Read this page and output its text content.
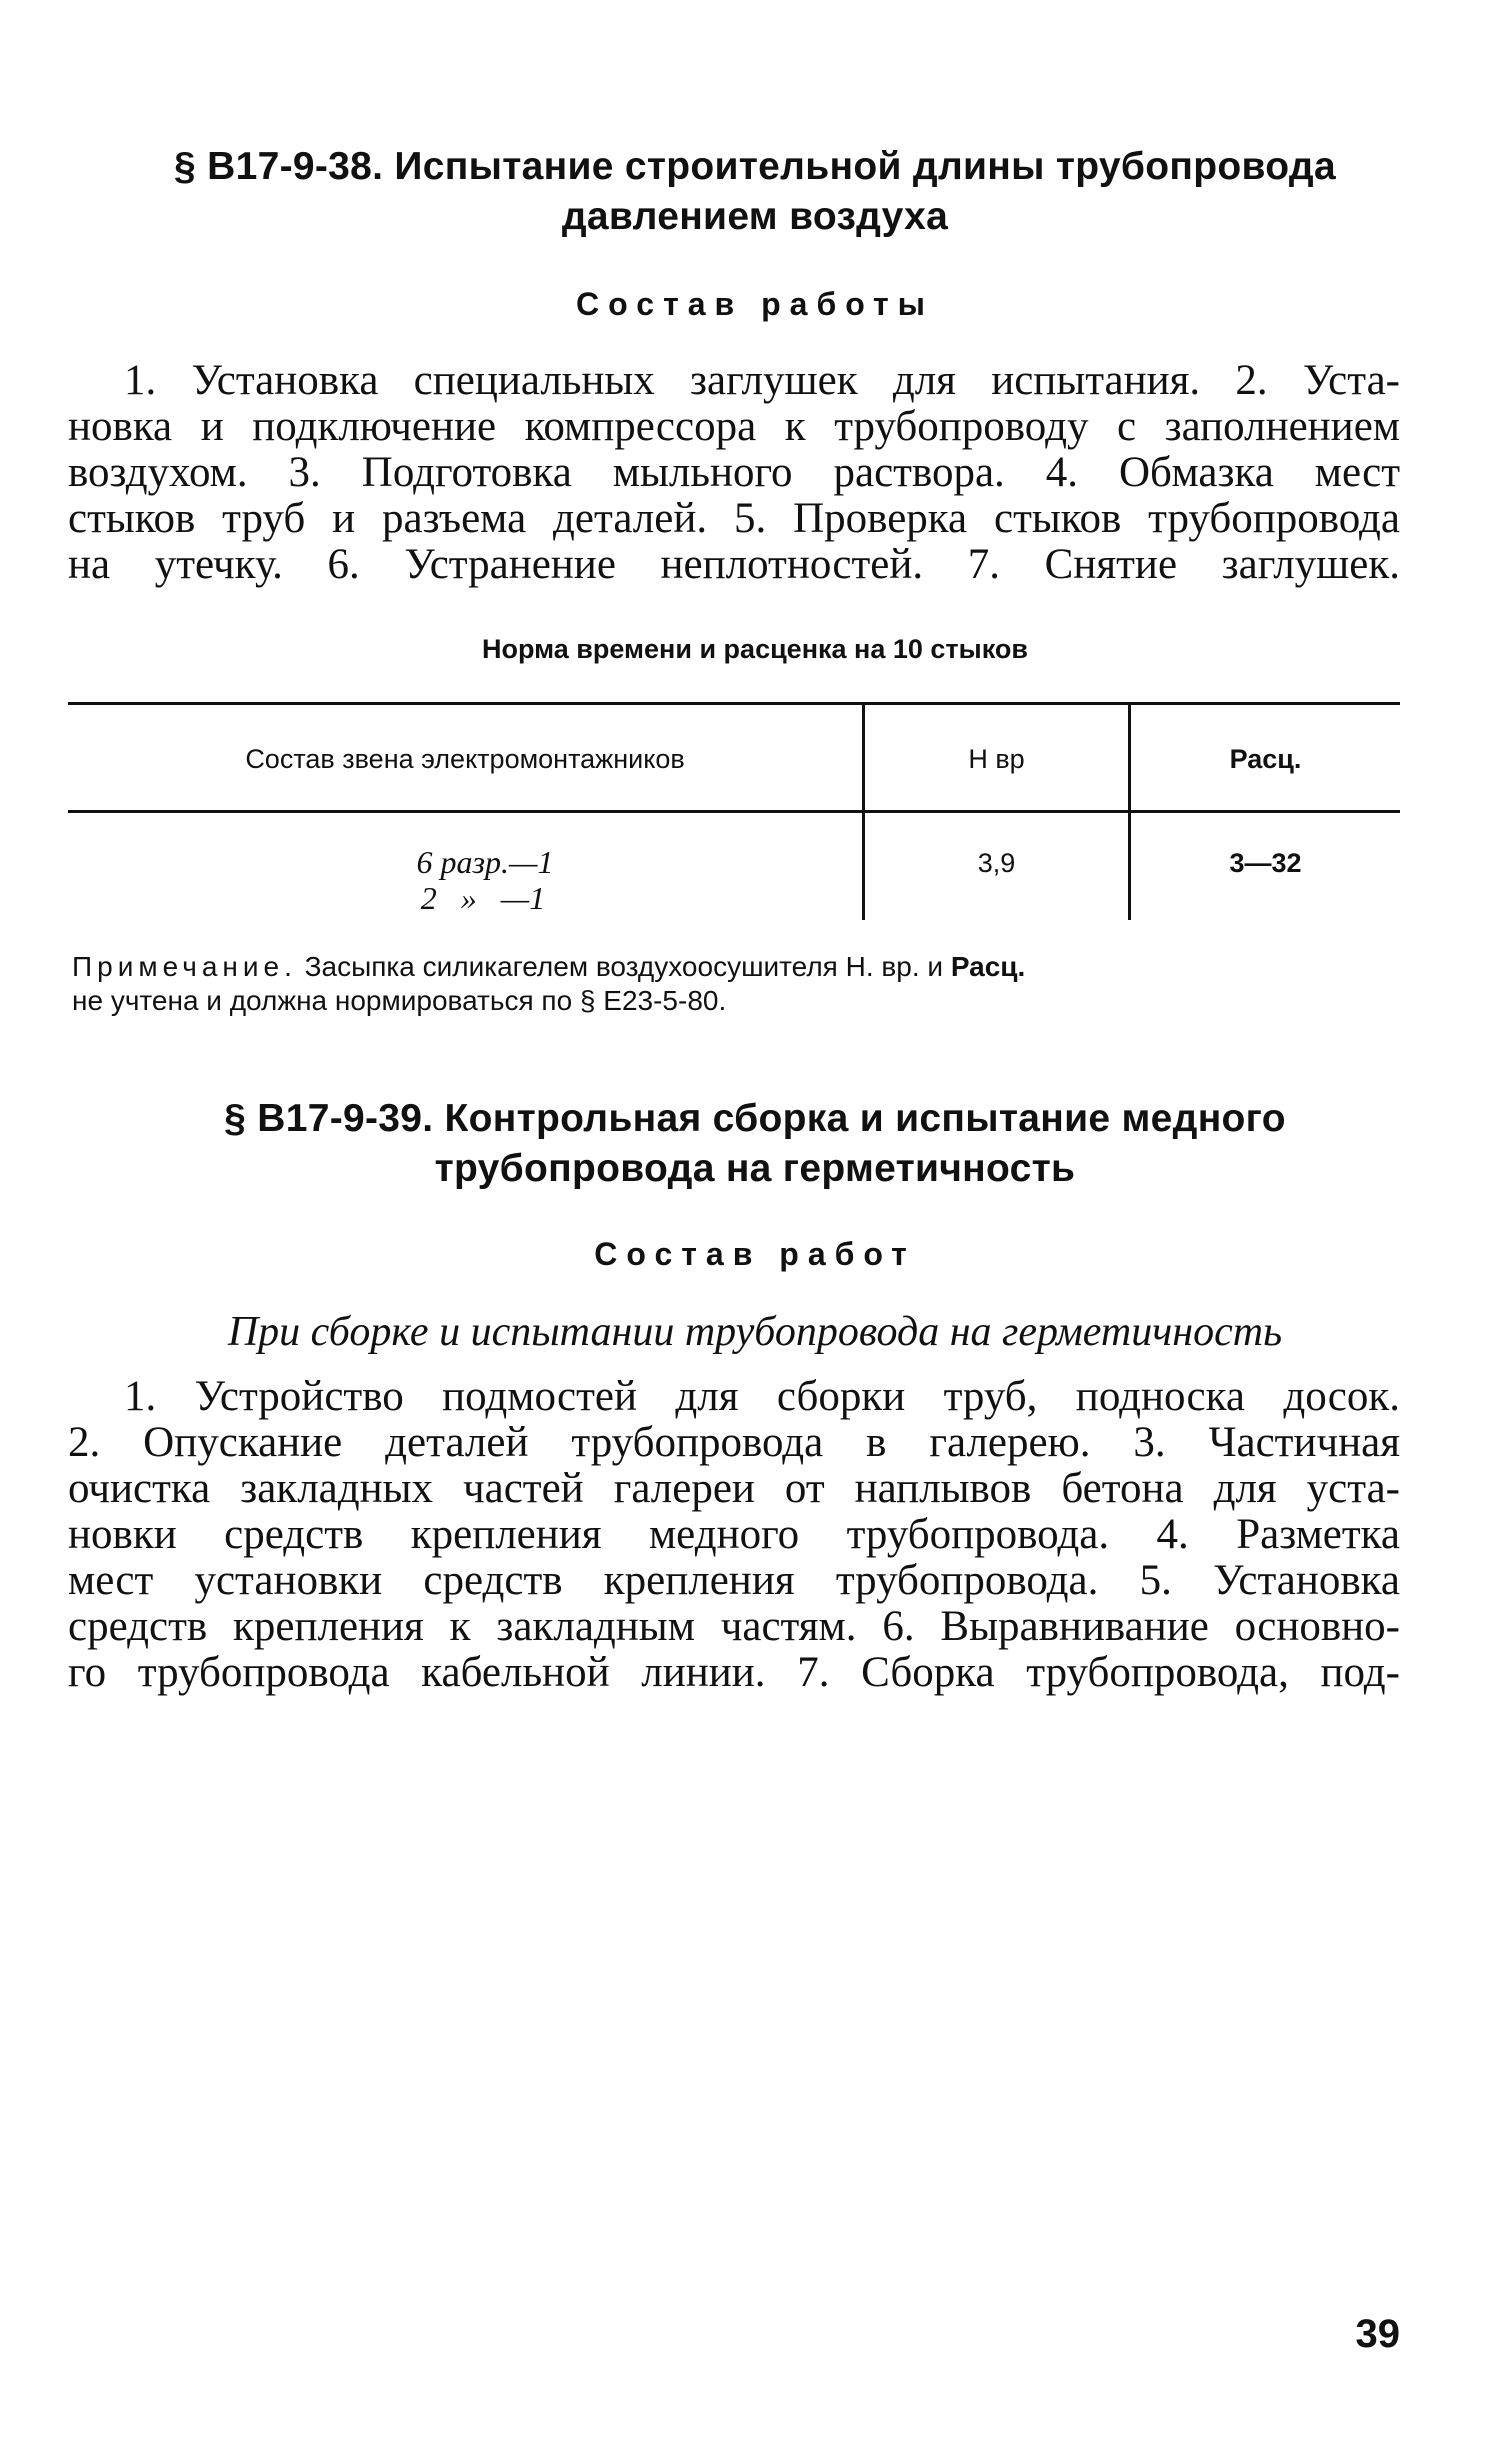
§ В17-9-38. Испытание строительной длины трубопровода
давлением воздуха
Состав работы
1. Установка специальных заглушек для испытания. 2. Уста-
новка и подключение компрессора к трубопроводу с заполнением
воздухом. 3. Подготовка мыльного раствора. 4. Обмазка мест
стыков труб и разъема деталей. 5. Проверка стыков трубопровода
на утечку. 6. Устранение неплотностей. 7. Снятие заглушек.
Норма времени и расценка на 10 стыков
Состав звена электромонтажников	Н вр	Расц.
6 разр.—1
2   »   —1
3,9	3—32
Примечание. Засыпка силикагелем воздухоосушителя Н. вр. и Расц.
не учтена и должна нормироваться по § Е23-5-80.
§ В17-9-39. Контрольная сборка и испытание медного
трубопровода на герметичность
Состав работ
При сборке и испытании трубопровода на герметичность
1. Устройство подмостей для сборки труб, подноска досок.
2. Опускание деталей трубопровода в галерею. 3. Частичная
очистка закладных частей галереи от наплывов бетона для уста-
новки средств крепления медного трубопровода. 4. Разметка
мест установки средств крепления трубопровода. 5. Установка
средств крепления к закладным частям. 6. Выравнивание основно-
го трубопровода кабельной линии. 7. Сборка трубопровода, под-
39
